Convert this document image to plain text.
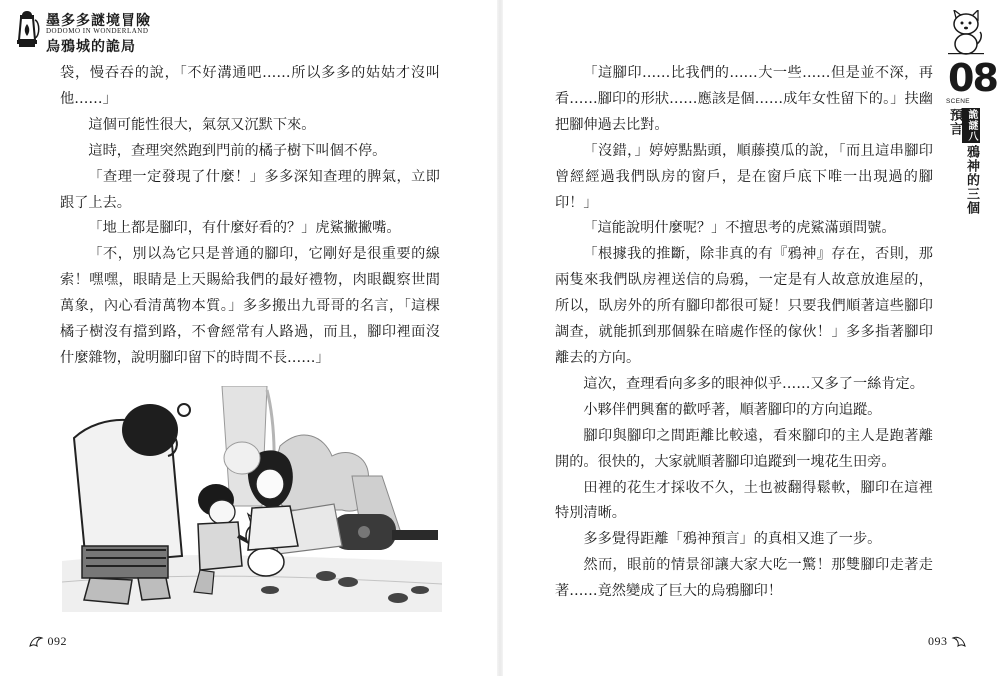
墨多多謎境冒險
DODOMO IN WONDERLAND
烏鴉城的詭局

袋，慢吞吞的說，「不好溝通吧……所以多多的姑姑才沒叫他……」

這個可能性很大，氣氛又沉默下來。

這時，查理突然跑到門前的橘子樹下叫個不停。

「查理一定發現了什麼！」多多深知查理的脾氣，立即跟了上去。

「地上都是腳印，有什麼好看的？」虎鯊撇撇嘴。

「不，別以為它只是普通的腳印，它剛好是很重要的線索！嘿嘿，眼睛是上天賜給我們的最好禮物，肉眼觀察世間萬象，內心看清萬物本質。」多多搬出九哥哥的名言，「這棵橘子樹沒有擋到路，不會經常有人路過，而且，腳印裡面沒什麼雜物，說明腳印留下的時間不長……」

092

「這腳印……比我們的……大一些……但是並不深，再看……腳印的形狀……應該是個……成年女性留下的。」扶幽把腳伸過去比對。

「沒錯，」婷婷點點頭，順藤摸瓜的說，「而且這串腳印曾經經過我們臥房的窗戶，是在窗戶底下唯一出現過的腳印！」

「這能說明什麼呢？」不擅思考的虎鯊滿頭問號。

「根據我的推斷，除非真的有『鴉神』存在，否則，那兩隻來我們臥房裡送信的烏鴉，一定是有人故意放進屋的，所以，臥房外的所有腳印都很可疑！只要我們順著這些腳印調查，就能抓到那個躲在暗處作怪的傢伙！」多多指著腳印離去的方向。

這次，查理看向多多的眼神似乎……又多了一絲肯定。

小夥伴們興奮的歡呼著，順著腳印的方向追蹤。

腳印與腳印之間距離比較遠，看來腳印的主人是跑著離開的。很快的，大家就順著腳印追蹤到一塊花生田旁。

田裡的花生才採收不久，土也被翻得鬆軟，腳印在這裡特別清晰。

多多覺得距離「鴉神預言」的真相又進了一步。

然而，眼前的情景卻讓大家大吃一驚！那雙腳印走著走著……竟然變成了巨大的烏鴉腳印！

08
SCENE
詭謎八鴉神的三個預言
093
